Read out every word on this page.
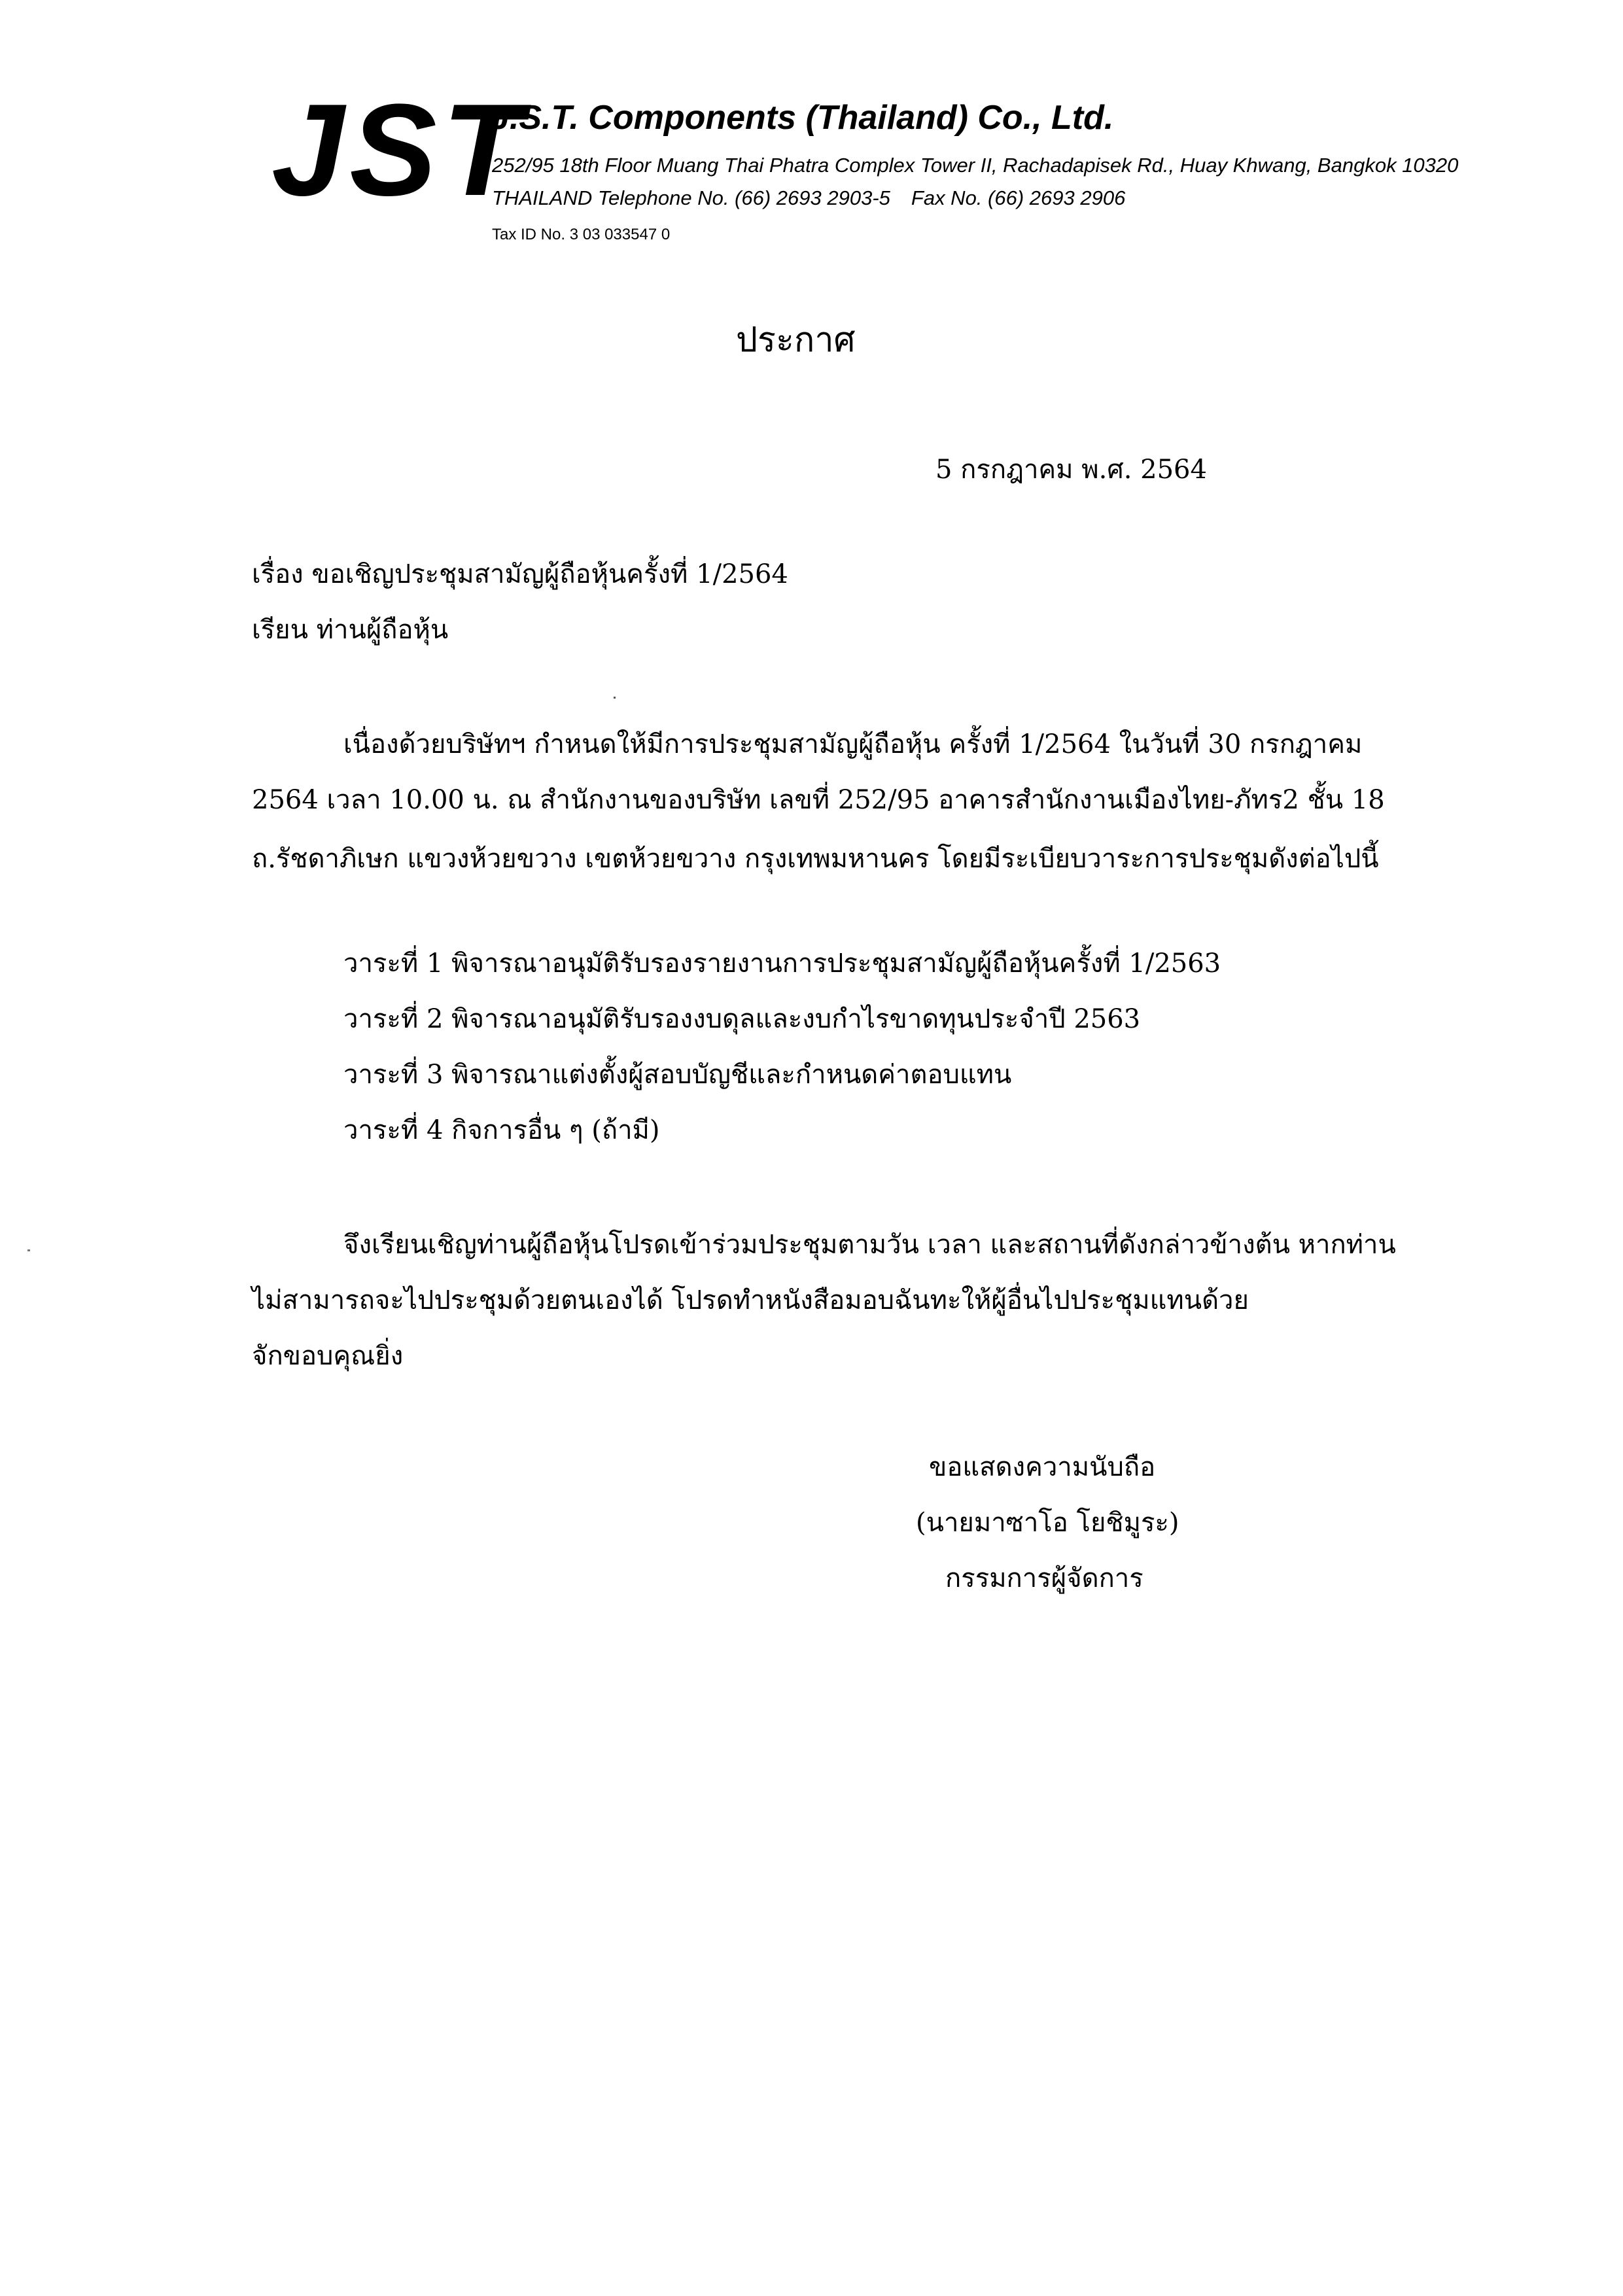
JST
J.S.T. Components (Thailand) Co., Ltd.
252/95 18th Floor Muang Thai Phatra Complex Tower II, Rachadapisek Rd., Huay Khwang, Bangkok 10320
THAILAND Telephone No. (66) 2693 2903-5 Fax No. (66) 2693 2906
Tax ID No. 3 03 033547 0
ประกาศ
5 กรกฎาคม พ.ศ. 2564
เรื่อง ขอเชิญประชุมสามัญผู้ถือหุ้นครั้งที่ 1/2564
เรียน ท่านผู้ถือหุ้น
เนื่องด้วยบริษัทฯ กำหนดให้มีการประชุมสามัญผู้ถือหุ้น ครั้งที่ 1/2564 ในวันที่ 30 กรกฎาคม
2564 เวลา 10.00 น. ณ สำนักงานของบริษัท เลขที่ 252/95 อาคารสำนักงานเมืองไทย-ภัทร2 ชั้น 18
ถ.รัชดาภิเษก แขวงห้วยขวาง เขตห้วยขวาง กรุงเทพมหานคร โดยมีระเบียบวาระการประชุมดังต่อไปนี้
วาระที่ 1 พิจารณาอนุมัติรับรองรายงานการประชุมสามัญผู้ถือหุ้นครั้งที่ 1/2563
วาระที่ 2 พิจารณาอนุมัติรับรองงบดุลและงบกำไรขาดทุนประจำปี 2563
วาระที่ 3 พิจารณาแต่งตั้งผู้สอบบัญชีและกำหนดค่าตอบแทน
วาระที่ 4 กิจการอื่น ๆ (ถ้ามี)
จึงเรียนเชิญท่านผู้ถือหุ้นโปรดเข้าร่วมประชุมตามวัน เวลา และสถานที่ดังกล่าวข้างต้น หากท่าน
ไม่สามารถจะไปประชุมด้วยตนเองได้ โปรดทำหนังสือมอบฉันทะให้ผู้อื่นไปประชุมแทนด้วย
จักขอบคุณยิ่ง
ขอแสดงความนับถือ
(นายมาซาโอ โยชิมูระ)
กรรมการผู้จัดการ
